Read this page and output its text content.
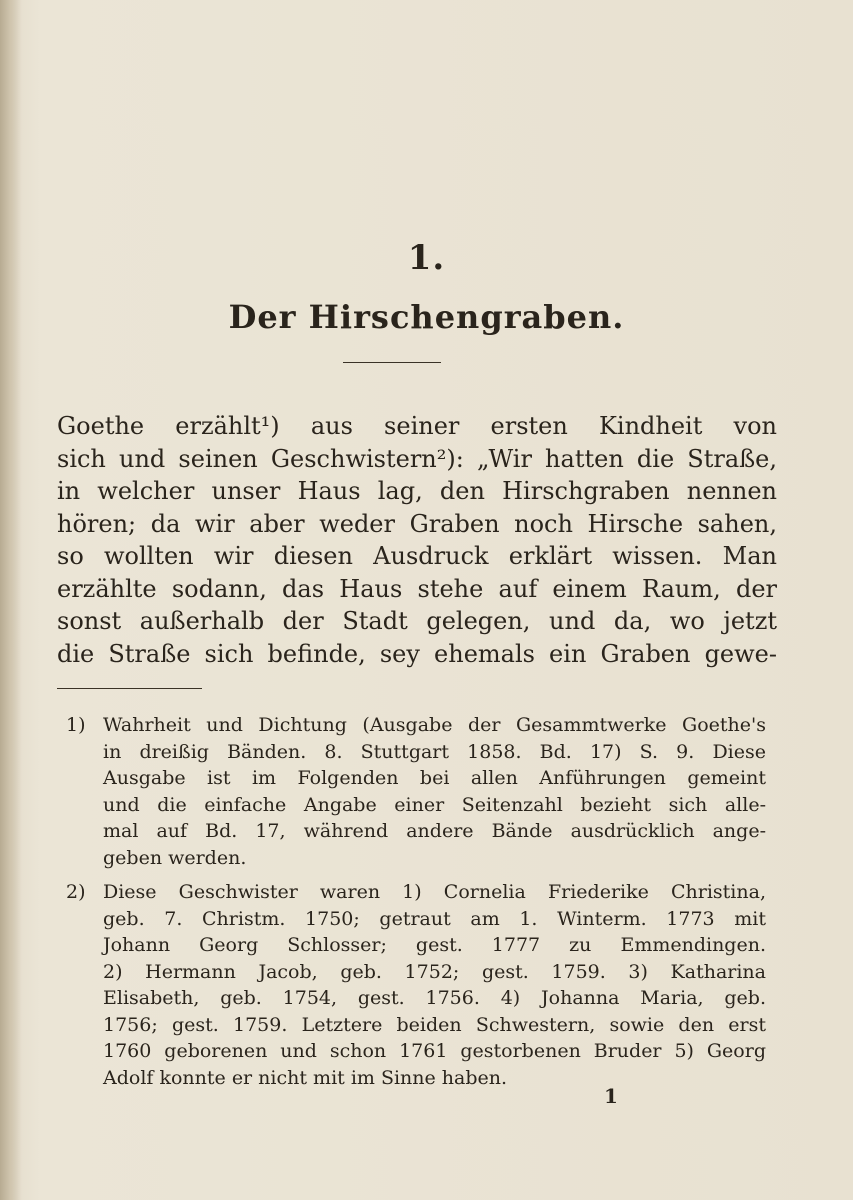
1.
Der Hirschengraben.
Goethe erzählt¹) aus seiner ersten Kindheit von
sich und seinen Geschwistern²): „Wir hatten die Straße,
in welcher unser Haus lag, den Hirschgraben nennen
hören; da wir aber weder Graben noch Hirsche sahen,
so wollten wir diesen Ausdruck erklärt wissen. Man
erzählte sodann, das Haus stehe auf einem Raum, der
sonst außerhalb der Stadt gelegen, und da, wo jetzt
die Straße sich befinde, sey ehemals ein Graben gewe-
1) Wahrheit und Dichtung (Ausgabe der Gesammtwerke Goethe's
in dreißig Bänden. 8. Stuttgart 1858. Bd. 17) S. 9. Diese
Ausgabe ist im Folgenden bei allen Anführungen gemeint
und die einfache Angabe einer Seitenzahl bezieht sich alle-
mal auf Bd. 17, während andere Bände ausdrücklich ange-
geben werden.
2) Diese Geschwister waren 1) Cornelia Friederike Christina,
geb. 7. Christm. 1750; getraut am 1. Winterm. 1773 mit
Johann Georg Schlosser; gest. 1777 zu Emmendingen.
2) Hermann Jacob, geb. 1752; gest. 1759. 3) Katharina
Elisabeth, geb. 1754, gest. 1756. 4) Johanna Maria, geb.
1756; gest. 1759. Letztere beiden Schwestern, sowie den erst
1760 geborenen und schon 1761 gestorbenen Bruder 5) Georg
Adolf konnte er nicht mit im Sinne haben.
1
